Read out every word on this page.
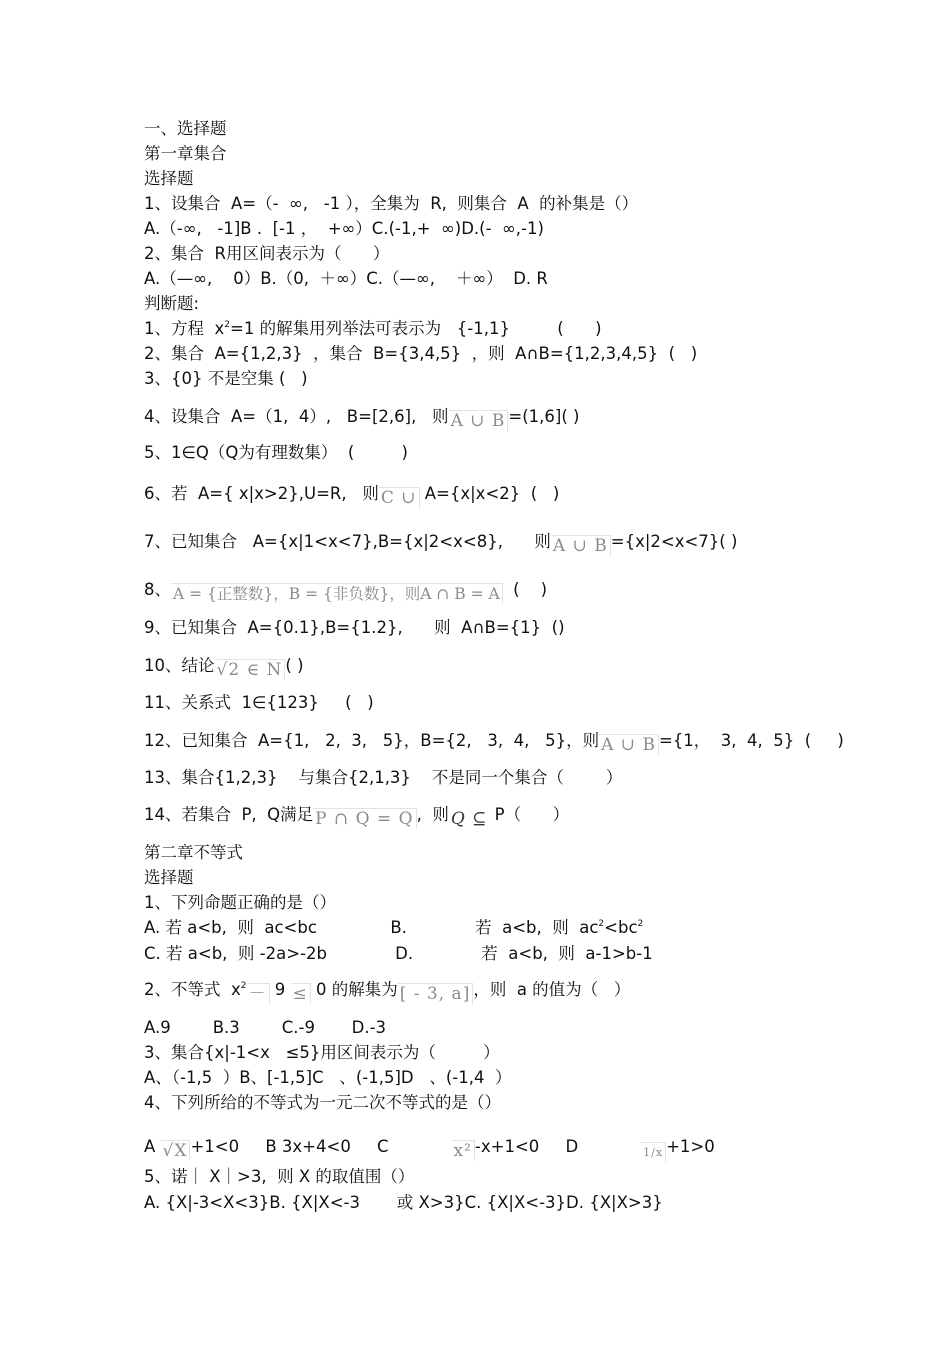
一、选择题
第一章集合
选择题
1、设集合  A=（-  ∞,   -1 ），全集为  R,  则集合  A  的补集是（）
A.（-∞,   -1]B .  [-1 ，  +∞）C.(-1,+  ∞)D.(-  ∞,-1)
2、集合  R用区间表示为（      ）
A.（—∞,    0）B.（0,  ＋∞）C.（—∞,    ＋∞）  D. R
判断题:
1、方程  $x^2=1$ 的解集用列举法可表示为   {-1,1}         (      )
2、集合  A={1,2,3}  ，集合  B={3,4,5}  ，则  A∩B={1,2,3,4,5}  (   )
3、{0} 不是空集 (   )
4、设集合  A=（1,  4）,   B=[2,6],   则 A ∪ B =(1,6]( )
5、1∈Q（Q为有理数集）  (         )
6、若  A={ x|x>2},U=R,   则 C ∪ A={x|x<2}  (   )
7、已知集合   A={x|1<x<7},B={x|2<x<8},      则 A ∪ B ={x|2<x<7}( )
8、 A = {正整数}，B = {非负数}，则A ∩ B = A  (    )
9、已知集合  A={0.1},B={1.2},      则  A∩B={1}  ()
10、结论 √2 ∈ N ( )
11、关系式  1∈{123}     (   )
12、已知集合  A={1,   2,  3,   5}，B={2,   3,  4,   5}，则 A ∪ B ={1，  3,  4,  5}  (     )
13、集合{1,2,3}    与集合{2,1,3}    不是同一个集合（        ）
14、若集合  P,  Q满足 P ∩ Q = Q ,  则 Q ⊆ P（      ）
第二章不等式
选择题
1、下列命题正确的是（）
A. 若 a<b,  则  ac<bc              B.             若  a<b,  则  $ac^2<bc^2$
C. 若 a<b,  则 -2a>-2b             D.             若  a<b,  则  a-1>b-1
2、不等式  $x^2 - 9 \le 0$ 的解集为 [ - 3, a] ，则  a 的值为（   ）
A.9        B.3        C.-9       D.-3
3、集合{x|-1<x   ≤5}用区间表示为（         ）
A、（-1,5  ）B、[-1,5]C   、(-1,5]D   、(-1,4  ）
4、下列所给的不等式为一元二次不等式的是（）
A √X +1<0     B 3x+4<0     C            x² -x+1<0     D            1/x +1>0
5、诺｜ X｜>3,  则 X 的取值围（）
A. {X|-3<X<3}B. {X|X<-3       或 X>3}C. {X|X<-3}D. {X|X>3}
